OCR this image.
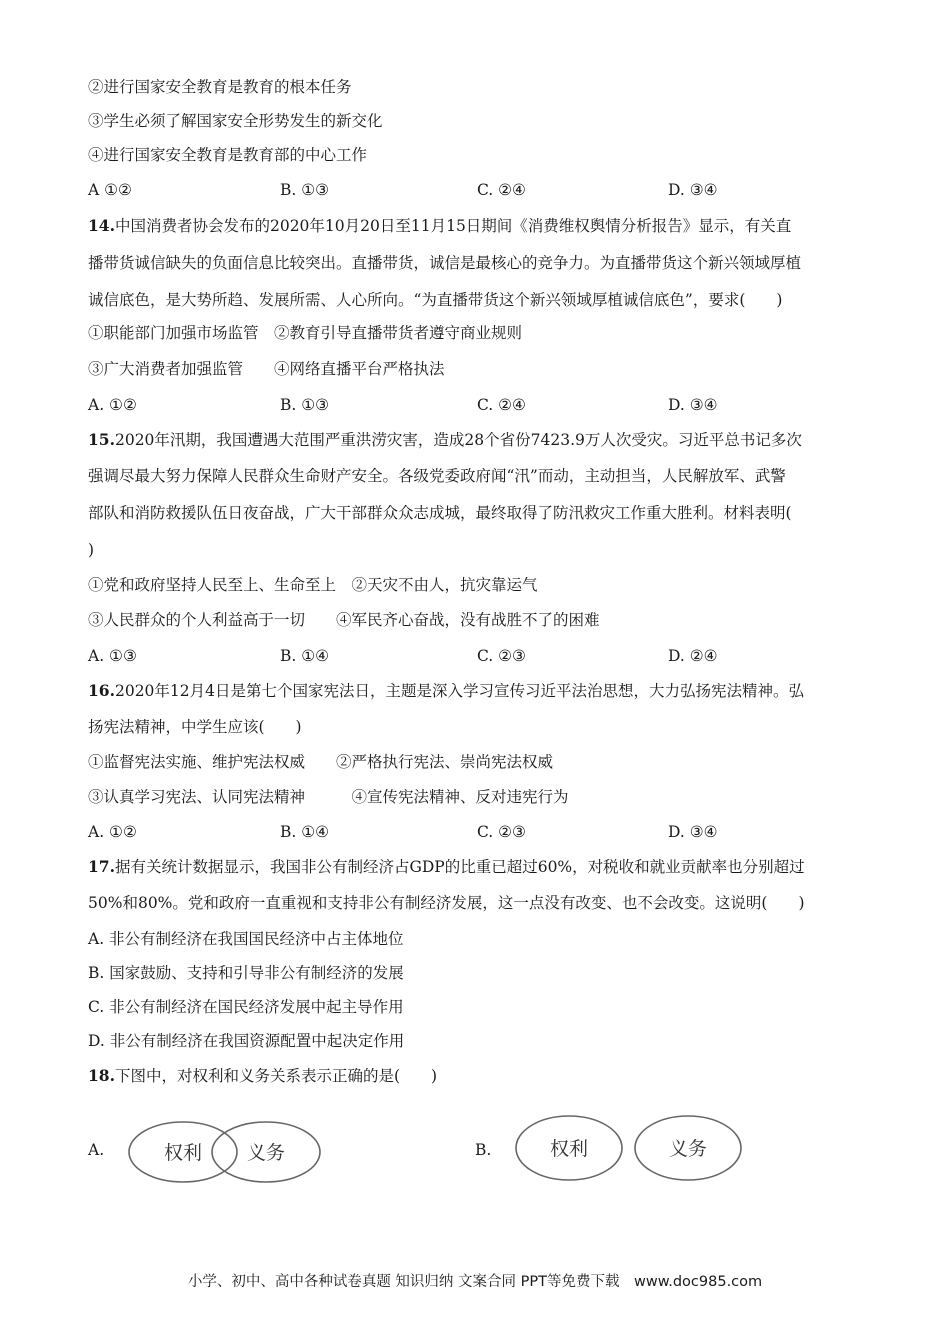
②进行国家安全教育是教育的根本任务
③学生必须了解国家安全形势发生的新交化
④进行国家安全教育是教育部的中心工作
A ①②	B. ①③	C. ②④	D. ③④
14.中国消费者协会发布的2020年10月20日至11月15日期间《消费维权舆情分析报告》显示，有关直
播带货诚信缺失的负面信息比较突出。直播带货，诚信是最核心的竞争力。为直播带货这个新兴领域厚植
诚信底色，是大势所趋、发展所需、人心所向。“为直播带货这个新兴领域厚植诚信底色”，要求(　　)
①职能部门加强市场监管　②教育引导直播带货者遵守商业规则
③广大消费者加强监管　　④网络直播平台严格执法
A. ①②	B. ①③	C. ②④	D. ③④
15.2020年汛期，我国遭遇大范围严重洪涝灾害，造成28个省份7423.9万人次受灾。习近平总书记多次
强调尽最大努力保障人民群众生命财产安全。各级党委政府闻“汛”而动，主动担当，人民解放军、武警
部队和消防救援队伍日夜奋战，广大干部群众众志成城，最终取得了防汛救灾工作重大胜利。材料表明(
)
①党和政府坚持人民至上、生命至上　②天灾不由人，抗灾靠运气
③人民群众的个人利益高于一切　　④军民齐心奋战，没有战胜不了的困难
A. ①③	B. ①④	C. ②③	D. ②④
16.2020年12月4日是第七个国家宪法日，主题是深入学习宣传习近平法治思想，大力弘扬宪法精神。弘
扬宪法精神，中学生应该(　　)
①监督宪法实施、维护宪法权威　　②严格执行宪法、崇尚宪法权威
③认真学习宪法、认同宪法精神　　　④宣传宪法精神、反对违宪行为
A. ①②	B. ①④	C. ②③	D. ③④
17.据有关统计数据显示，我国非公有制经济占GDP的比重已超过60%，对税收和就业贡献率也分别超过
50%和80%。党和政府一直重视和支持非公有制经济发展，这一点没有改变、也不会改变。这说明(　　)
A. 非公有制经济在我国国民经济中占主体地位
B. 国家鼓励、支持和引导非公有制经济的发展
C. 非公有制经济在国民经济发展中起主导作用
D. 非公有制经济在我国资源配置中起决定作用
18.下图中，对权利和义务关系表示正确的是(　　)
A.	权利 义务	B.	权利	义务
小学、初中、高中各种试卷真题 知识归纳 文案合同 PPT等免费下载　www.doc985.com
